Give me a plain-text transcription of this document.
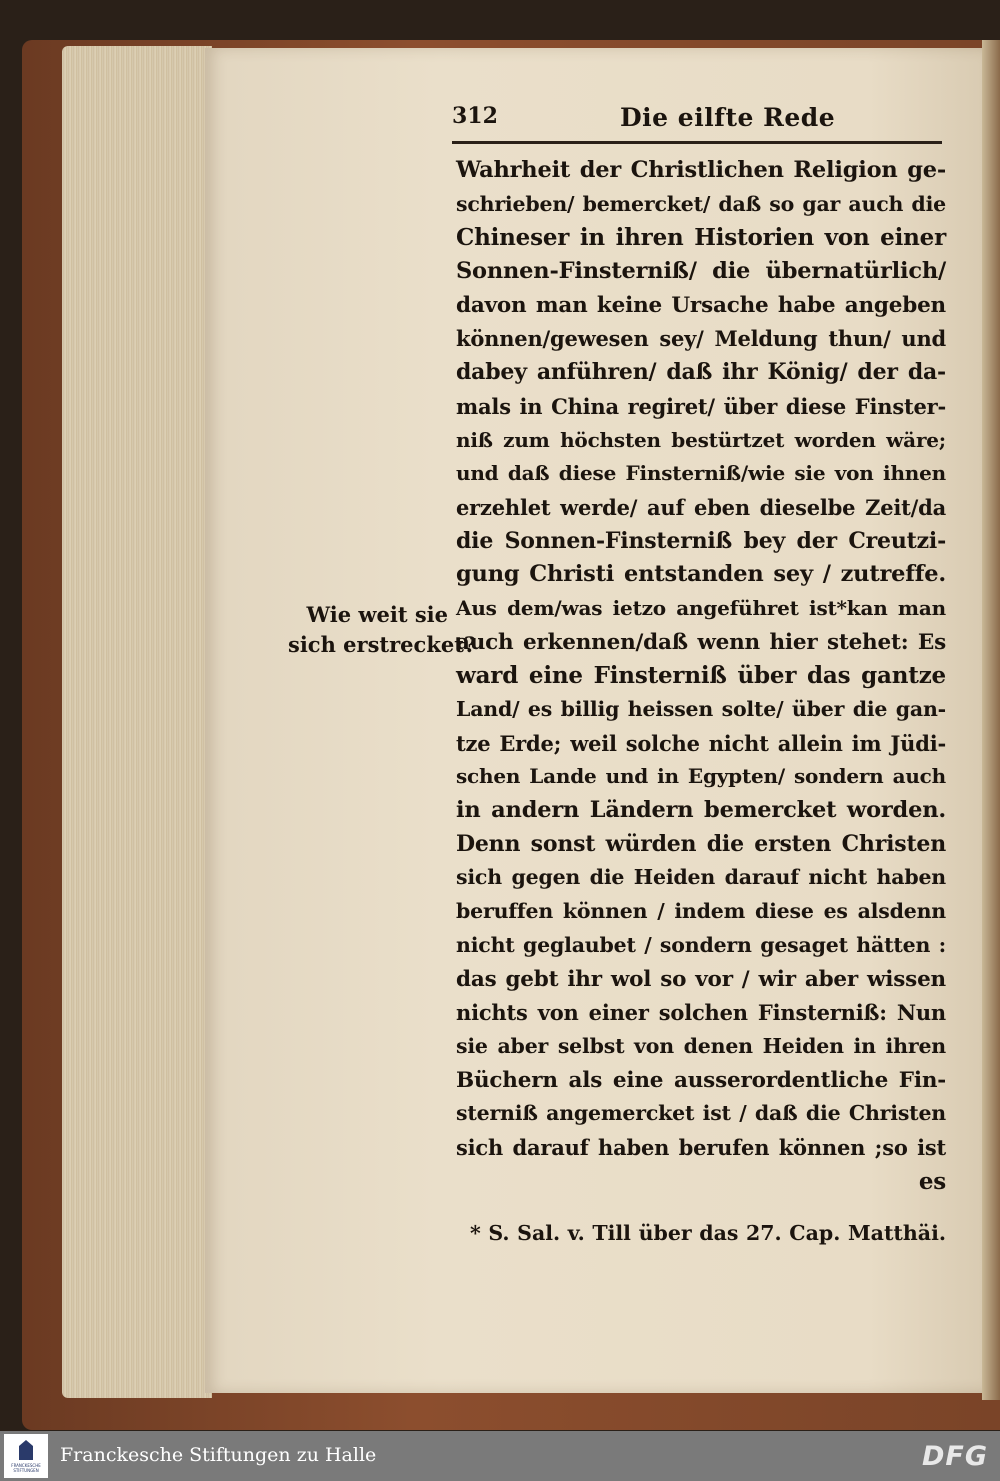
312	Die eilfte Rede
Wie weit sie
sich erstrecket?
Wahrheit der Christlichen Religion ge-
schrieben/ bemercket/ daß so gar auch die
Chineser in ihren Historien von einer
Sonnen-Finsterniß/ die übernatürlich/
davon man keine Ursache habe angeben
können/gewesen sey/ Meldung thun/ und
dabey anführen/ daß ihr König/ der da-
mals in China regiret/ über diese Finster-
niß zum höchsten bestürtzet worden wäre;
und daß diese Finsterniß/wie sie von ihnen
erzehlet werde/ auf eben dieselbe Zeit/da
die Sonnen-Finsterniß bey der Creutzi-
gung Christi entstanden sey / zutreffe.
Aus dem/was ietzo angeführet ist*kan man
auch erkennen/daß wenn hier stehet: Es
ward eine Finsterniß über das gantze
Land/ es billig heissen solte/ über die gan-
tze Erde; weil solche nicht allein im Jüdi-
schen Lande und in Egypten/ sondern auch
in andern Ländern bemercket worden.
Denn sonst würden die ersten Christen
sich gegen die Heiden darauf nicht haben
beruffen können / indem diese es alsdenn
nicht geglaubet / sondern gesaget hätten :
das gebt ihr wol so vor / wir aber wissen
nichts von einer solchen Finsterniß: Nun
sie aber selbst von denen Heiden in ihren
Büchern als eine ausserordentliche Fin-
sterniß angemercket ist / daß die Christen
sich darauf haben berufen können ;so ist
es
* S. Sal. v. Till über das 27. Cap. Matthäi.
FRANCKESCHE STIFTUNGEN
Franckesche Stiftungen zu Halle	DFG
